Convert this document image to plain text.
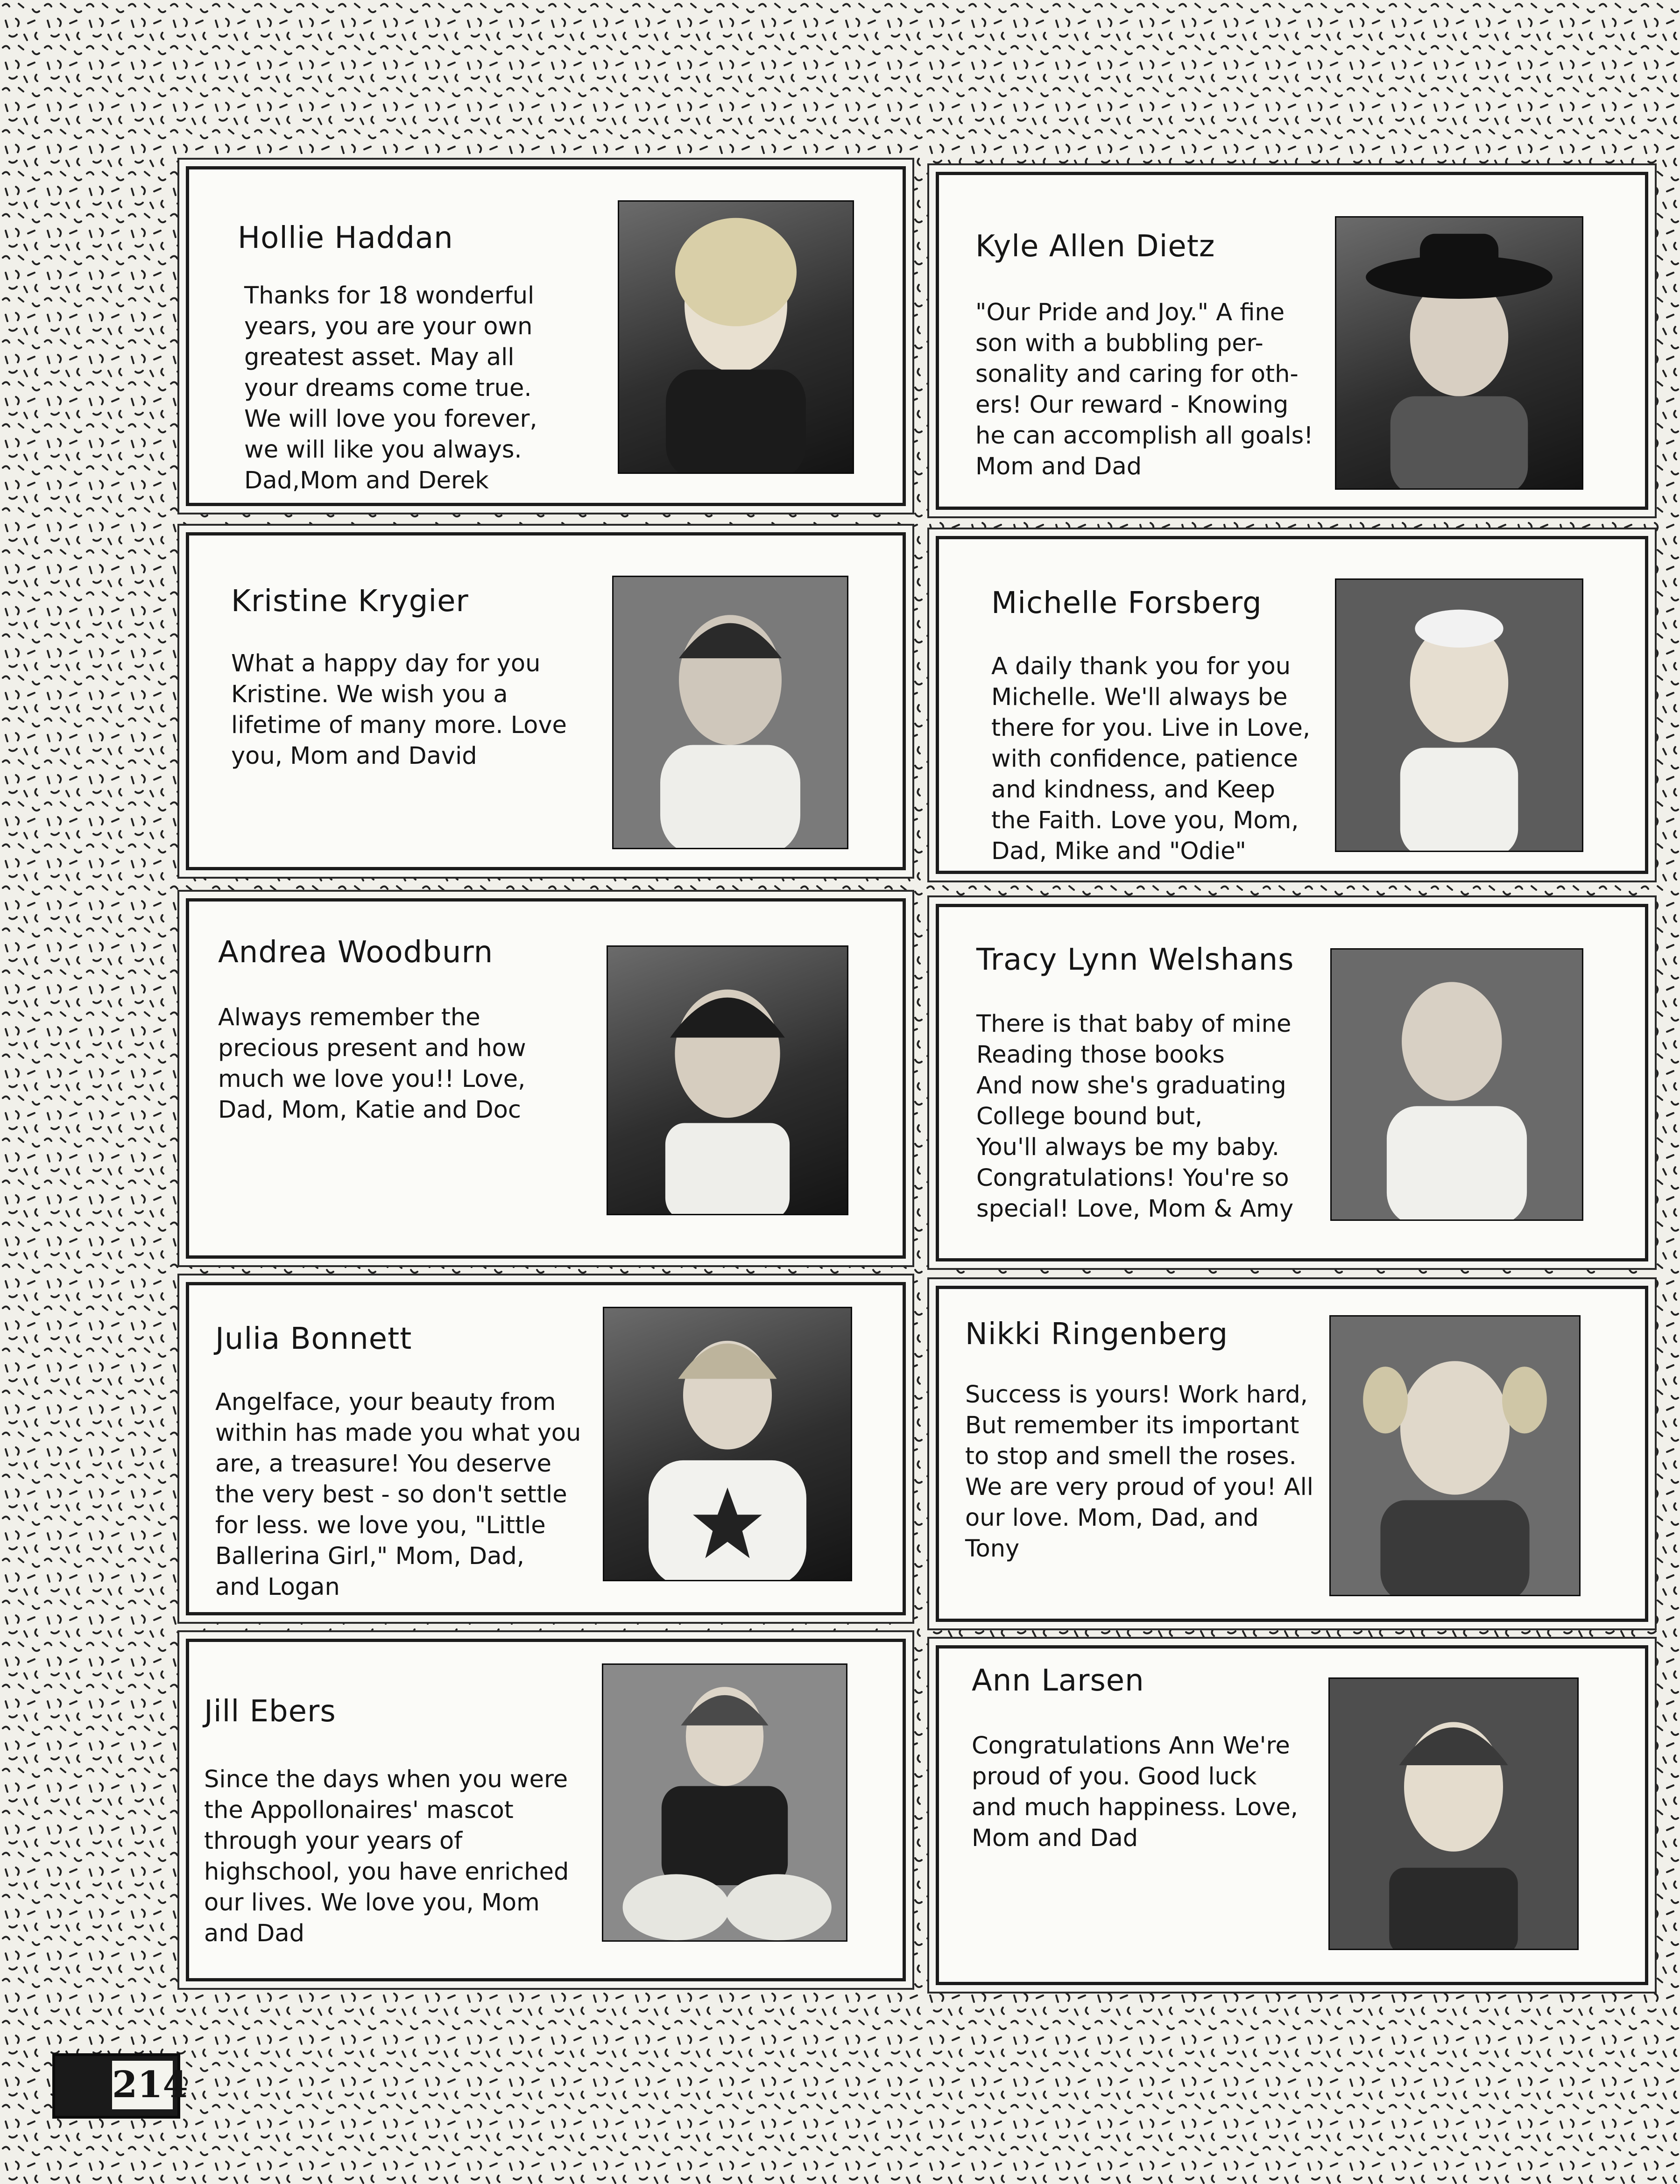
Hollie Haddan
Thanks for 18 wonderful
years, you are your own
greatest asset. May all
your dreams come true.
We will love you forever,
we will like you always.
Dad,Mom and Derek
Kyle Allen Dietz
"Our Pride and Joy." A fine
son with a bubbling per-
sonality and caring for oth-
ers! Our reward - Knowing
he can accomplish all goals!
Mom and Dad
Kristine Krygier
What a happy day for you
Kristine. We wish you a
lifetime of many more. Love
you, Mom and David
Michelle Forsberg
A daily thank you for you
Michelle. We'll always be
there for you. Live in Love,
with confidence, patience
and kindness, and Keep
the Faith. Love you, Mom,
Dad, Mike and "Odie"
Andrea Woodburn
Always remember the
precious present and how
much we love you!! Love,
Dad, Mom, Katie and Doc
Tracy Lynn Welshans
There is that baby of mine
Reading those books
And now she's graduating
College bound but,
You'll always be my baby.
Congratulations! You're so
special! Love, Mom & Amy
Julia Bonnett
Angelface, your beauty from
within has made you what you
are, a treasure! You deserve
the very best - so don't settle
for less. we love you, "Little
Ballerina Girl," Mom, Dad,
and Logan
Nikki Ringenberg
Success is yours! Work hard,
But remember its important
to stop and smell the roses.
We are very proud of you! All
our love. Mom, Dad, and
Tony
Jill Ebers
Since the days when you were
the Appollonaires' mascot
through your years of
highschool, you have enriched
our lives. We love you, Mom
and Dad
Ann Larsen
Congratulations Ann We're
proud of you. Good luck
and much happiness. Love,
Mom and Dad
214
